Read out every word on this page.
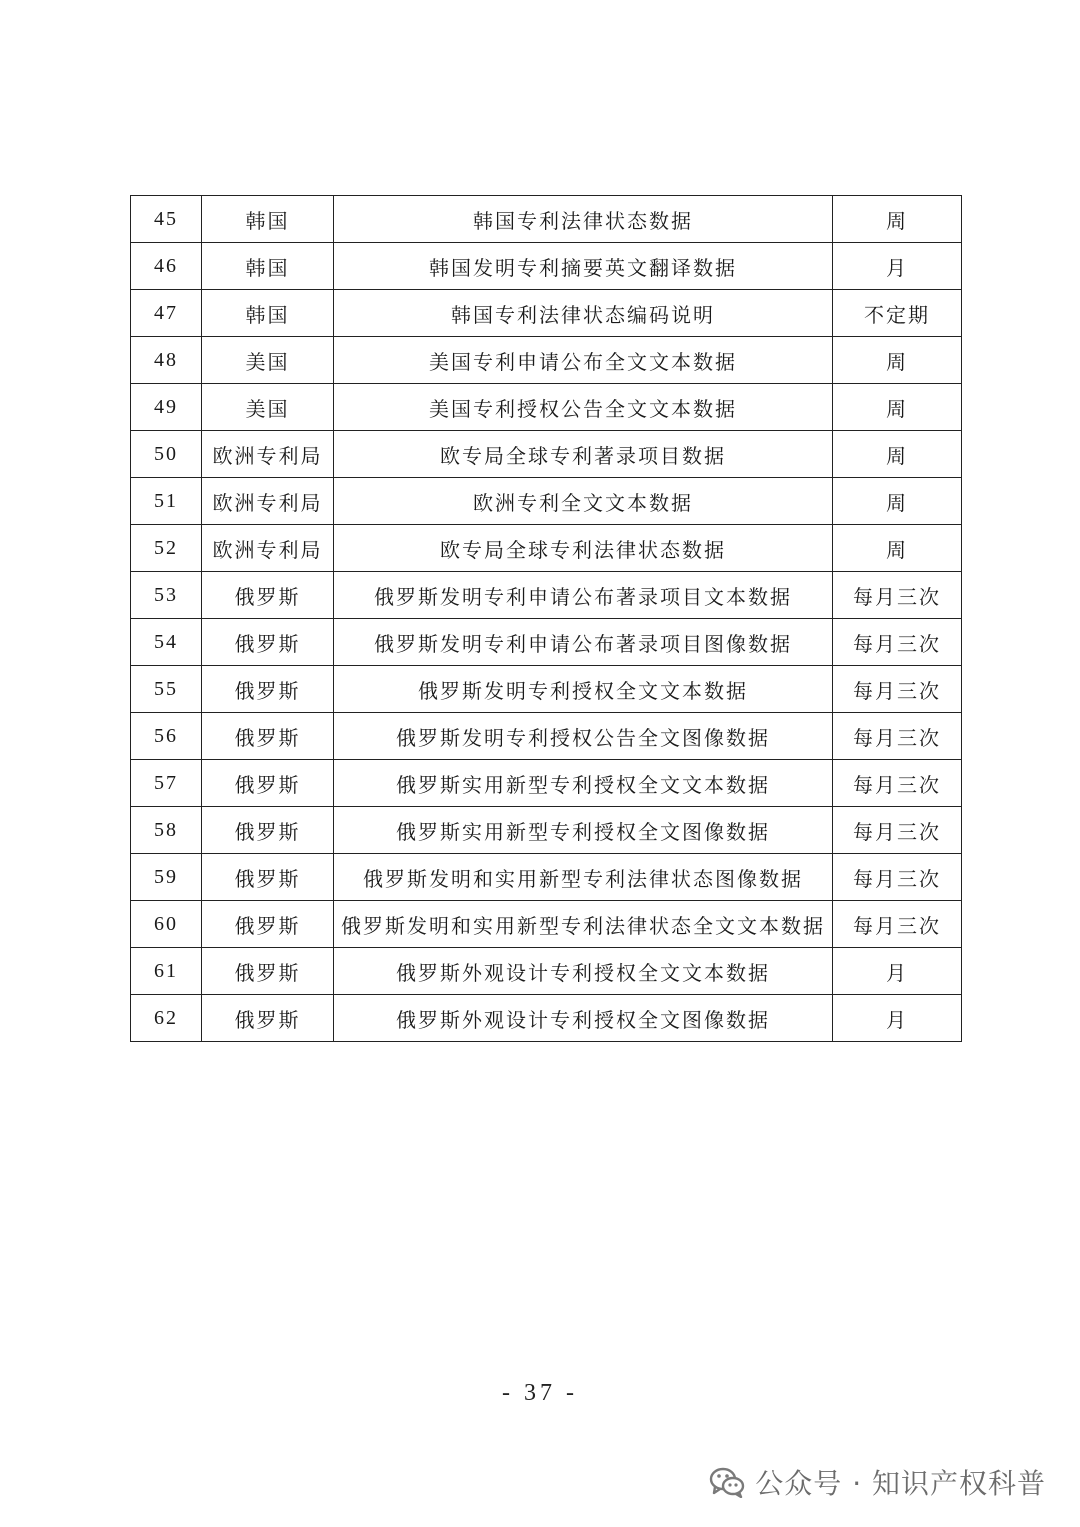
45	韩国	韩国专利法律状态数据	周
46	韩国	韩国发明专利摘要英文翻译数据	月
47	韩国	韩国专利法律状态编码说明	不定期
48	美国	美国专利申请公布全文文本数据	周
49	美国	美国专利授权公告全文文本数据	周
50	欧洲专利局	欧专局全球专利著录项目数据	周
51	欧洲专利局	欧洲专利全文文本数据	周
52	欧洲专利局	欧专局全球专利法律状态数据	周
53	俄罗斯	俄罗斯发明专利申请公布著录项目文本数据	每月三次
54	俄罗斯	俄罗斯发明专利申请公布著录项目图像数据	每月三次
55	俄罗斯	俄罗斯发明专利授权全文文本数据	每月三次
56	俄罗斯	俄罗斯发明专利授权公告全文图像数据	每月三次
57	俄罗斯	俄罗斯实用新型专利授权全文文本数据	每月三次
58	俄罗斯	俄罗斯实用新型专利授权全文图像数据	每月三次
59	俄罗斯	俄罗斯发明和实用新型专利法律状态图像数据	每月三次
60	俄罗斯	俄罗斯发明和实用新型专利法律状态全文文本数据	每月三次
61	俄罗斯	俄罗斯外观设计专利授权全文文本数据	月
62	俄罗斯	俄罗斯外观设计专利授权全文图像数据	月
- 37 -
公众号 · 知识产权科普
